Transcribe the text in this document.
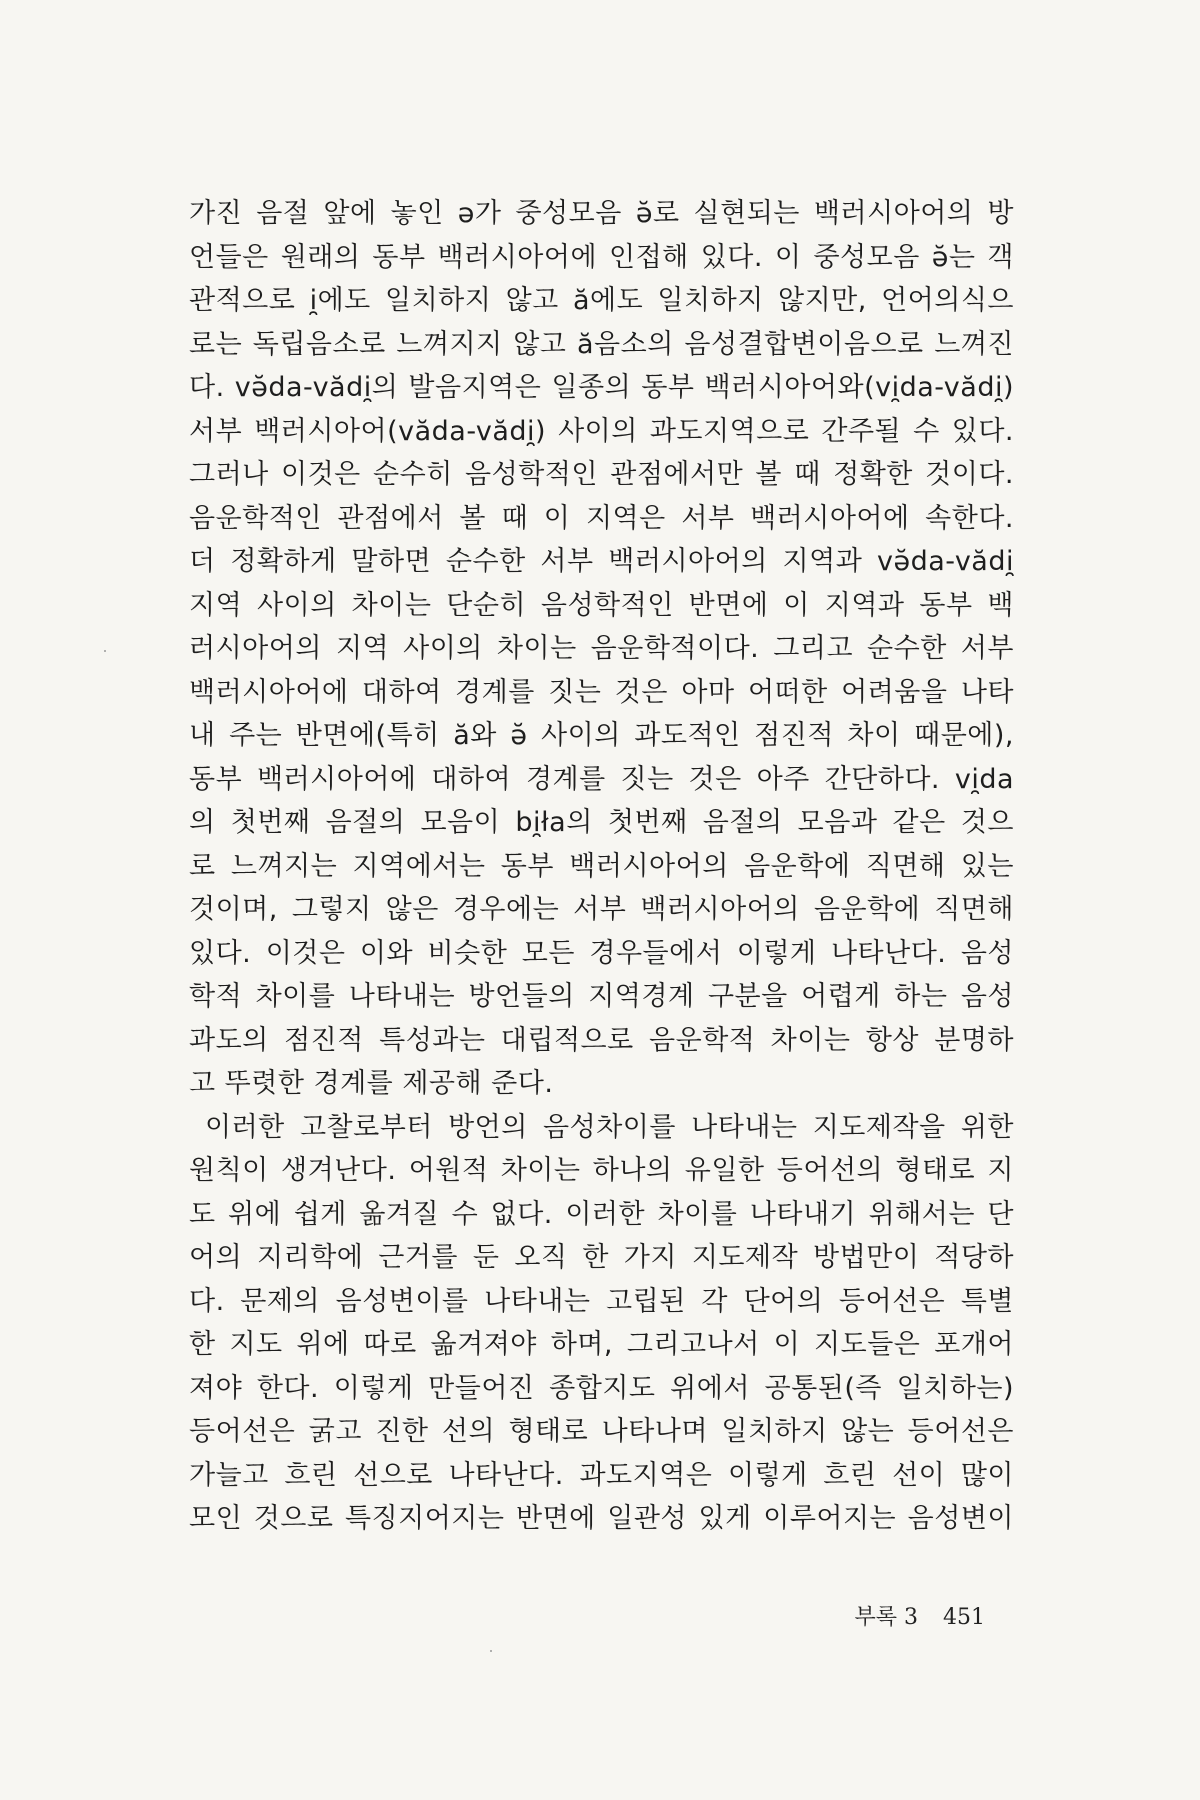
가진 음절 앞에 놓인 ə가 중성모음 ə̆로 실현되는 백러시아어의 방
언들은 원래의 동부 백러시아어에 인접해 있다. 이 중성모음 ə̆는 객
관적으로 i̯에도 일치하지 않고 ă에도 일치하지 않지만, 언어의식으
로는 독립음소로 느껴지지 않고 ă음소의 음성결합변이음으로 느껴진
다. və̆da-vădi̯의 발음지역은 일종의 동부 백러시아어와(vi̯da-vădi̯)
서부 백러시아어(văda-vădi̯) 사이의 과도지역으로 간주될 수 있다.
그러나 이것은 순수히 음성학적인 관점에서만 볼 때 정확한 것이다.
음운학적인 관점에서 볼 때 이 지역은 서부 백러시아어에 속한다.
더 정확하게 말하면 순수한 서부 백러시아어의 지역과 və̆da-vădi̯
지역 사이의 차이는 단순히 음성학적인 반면에 이 지역과 동부 백
러시아어의 지역 사이의 차이는 음운학적이다. 그리고 순수한 서부
백러시아어에 대하여 경계를 짓는 것은 아마 어떠한 어려움을 나타
내 주는 반면에(특히 ă와 ə̆ 사이의 과도적인 점진적 차이 때문에),
동부 백러시아어에 대하여 경계를 짓는 것은 아주 간단하다. vi̯da
의 첫번째 음절의 모음이 bi̯ła의 첫번째 음절의 모음과 같은 것으
로 느껴지는 지역에서는 동부 백러시아어의 음운학에 직면해 있는
것이며, 그렇지 않은 경우에는 서부 백러시아어의 음운학에 직면해
있다. 이것은 이와 비슷한 모든 경우들에서 이렇게 나타난다. 음성
학적 차이를 나타내는 방언들의 지역경계 구분을 어렵게 하는 음성
과도의 점진적 특성과는 대립적으로 음운학적 차이는 항상 분명하
고 뚜렷한 경계를 제공해 준다.
이러한 고찰로부터 방언의 음성차이를 나타내는 지도제작을 위한
원칙이 생겨난다. 어원적 차이는 하나의 유일한 등어선의 형태로 지
도 위에 쉽게 옮겨질 수 없다. 이러한 차이를 나타내기 위해서는 단
어의 지리학에 근거를 둔 오직 한 가지 지도제작 방법만이 적당하
다. 문제의 음성변이를 나타내는 고립된 각 단어의 등어선은 특별
한 지도 위에 따로 옮겨져야 하며, 그리고나서 이 지도들은 포개어
져야 한다. 이렇게 만들어진 종합지도 위에서 공통된(즉 일치하는)
등어선은 굵고 진한 선의 형태로 나타나며 일치하지 않는 등어선은
가늘고 흐린 선으로 나타난다. 과도지역은 이렇게 흐린 선이 많이
모인 것으로 특징지어지는 반면에 일관성 있게 이루어지는 음성변이
부록 3 451
